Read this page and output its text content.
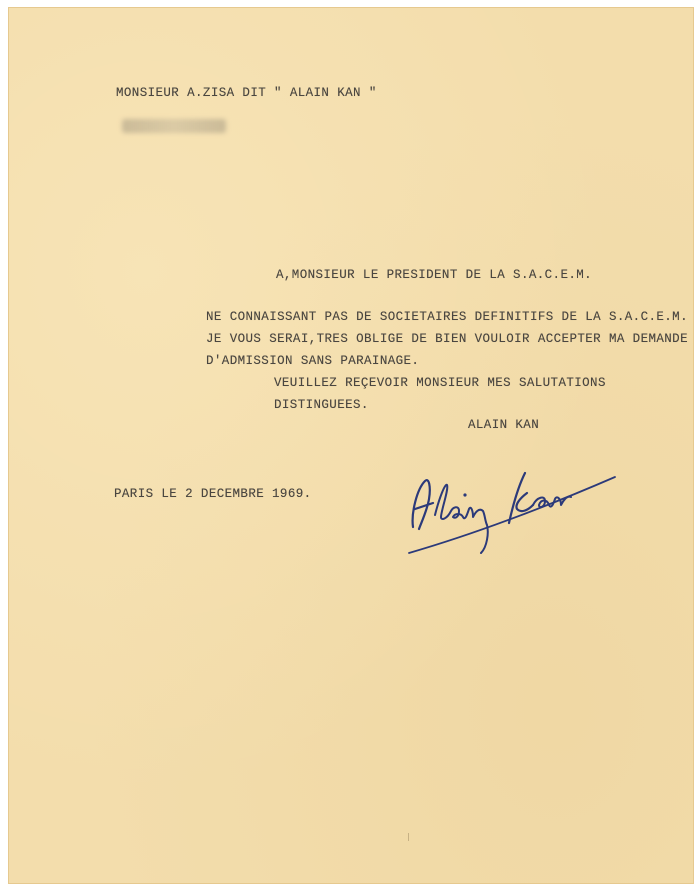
MONSIEUR A.ZISA DIT " ALAIN KAN "
A,MONSIEUR LE PRESIDENT DE LA S.A.C.E.M.
NE CONNAISSANT PAS DE SOCIETAIRES DEFINITIFS DE LA S.A.C.E.M.
JE VOUS SERAI,TRES OBLIGE DE BIEN VOULOIR ACCEPTER MA DEMANDE
D'ADMISSION SANS PARAINAGE.
VEUILLEZ REÇEVOIR MONSIEUR MES SALUTATIONS
DISTINGUEES.
ALAIN KAN
PARIS LE 2 DECEMBRE 1969.
